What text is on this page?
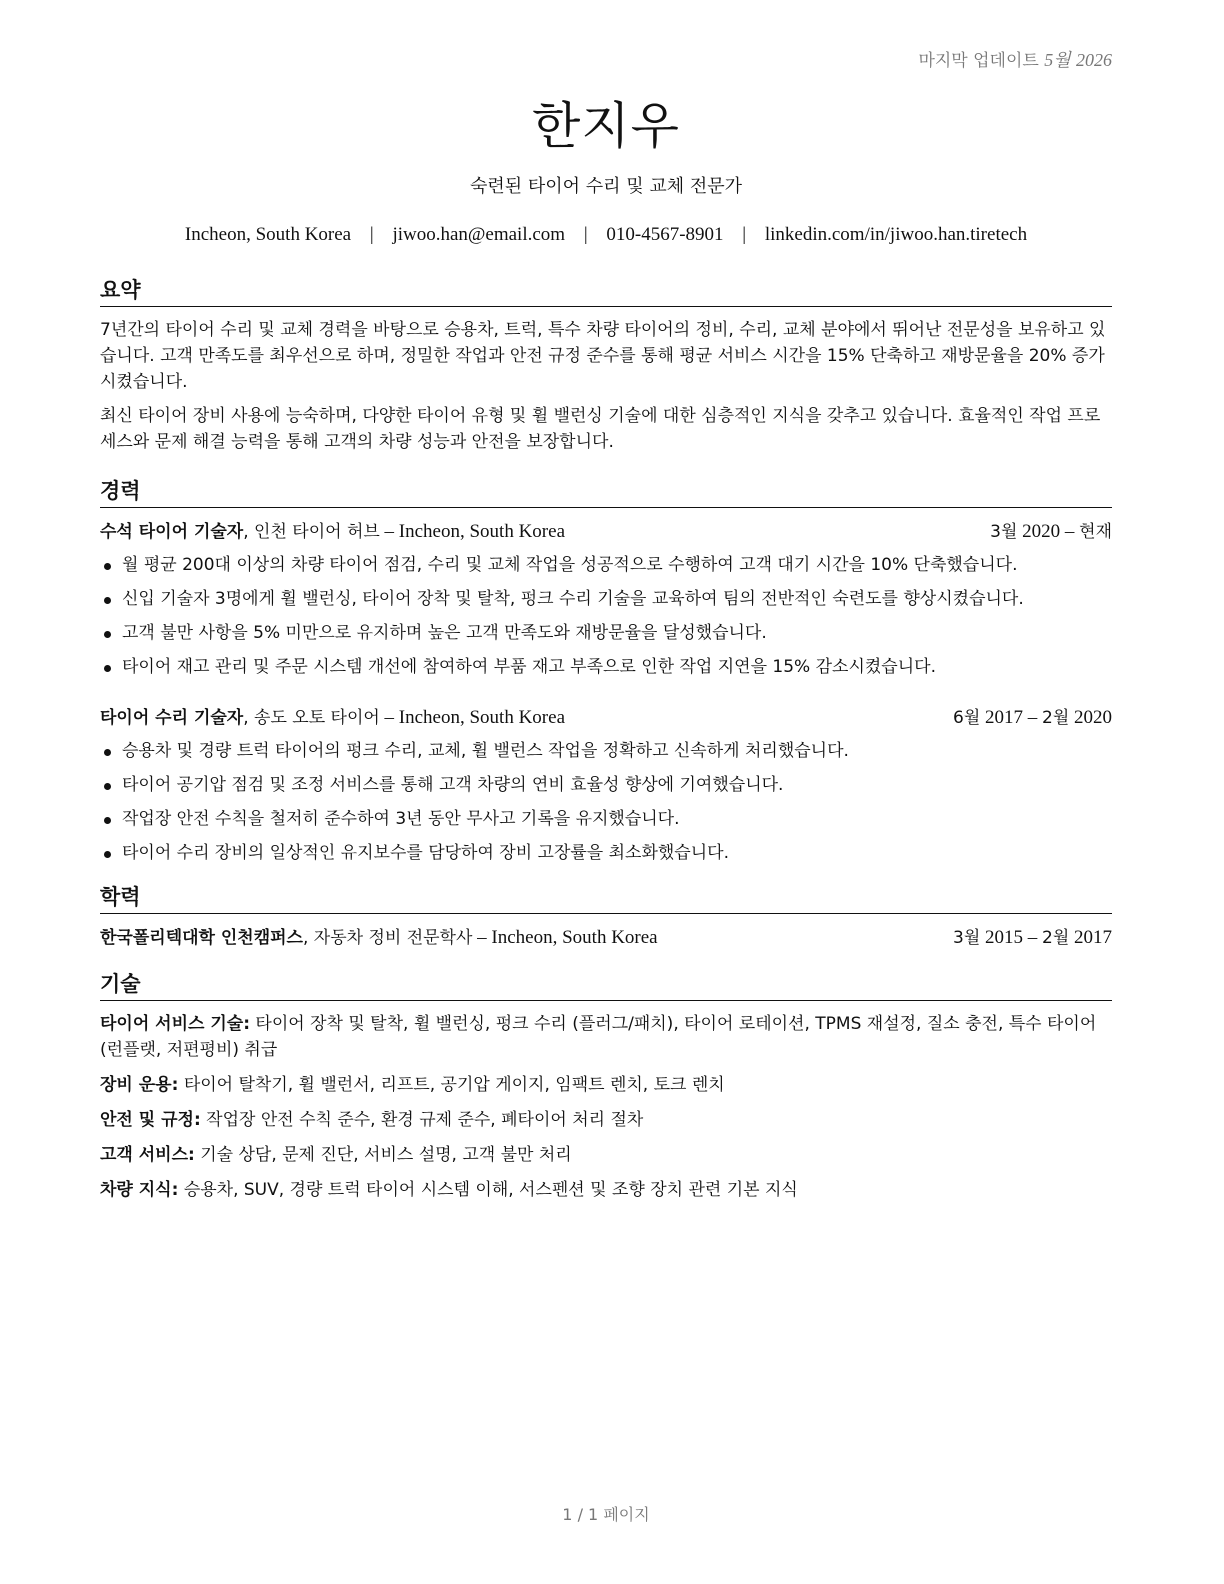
마지막 업데이트 5월 2026
한지우
숙련된 타이어 수리 및 교체 전문가
Incheon, South Korea | jiwoo.han@email.com | 010-4567-8901 | linkedin.com/in/jiwoo.han.tiretech
요약

7년간의 타이어 수리 및 교체 경력을 바탕으로 승용차, 트럭, 특수 차량 타이어의 정비, 수리, 교체 분야에서 뛰어난 전문성을 보유하고 있습니다. 고객 만족도를 최우선으로 하며, 정밀한 작업과 안전 규정 준수를 통해 평균 서비스 시간을 15% 단축하고 재방문율을 20% 증가시켰습니다.

최신 타이어 장비 사용에 능숙하며, 다양한 타이어 유형 및 휠 밸런싱 기술에 대한 심층적인 지식을 갖추고 있습니다. 효율적인 작업 프로세스와 문제 해결 능력을 통해 고객의 차량 성능과 안전을 보장합니다.

경력
수석 타이어 기술자, 인천 타이어 허브 – Incheon, South Korea	3월 2020 – 현재
월 평균 200대 이상의 차량 타이어 점검, 수리 및 교체 작업을 성공적으로 수행하여 고객 대기 시간을 10% 단축했습니다.
신입 기술자 3명에게 휠 밸런싱, 타이어 장착 및 탈착, 펑크 수리 기술을 교육하여 팀의 전반적인 숙련도를 향상시켰습니다.
고객 불만 사항을 5% 미만으로 유지하며 높은 고객 만족도와 재방문율을 달성했습니다.
타이어 재고 관리 및 주문 시스템 개선에 참여하여 부품 재고 부족으로 인한 작업 지연을 15% 감소시켰습니다.
타이어 수리 기술자, 송도 오토 타이어 – Incheon, South Korea	6월 2017 – 2월 2020
승용차 및 경량 트럭 타이어의 펑크 수리, 교체, 휠 밸런스 작업을 정확하고 신속하게 처리했습니다.
타이어 공기압 점검 및 조정 서비스를 통해 고객 차량의 연비 효율성 향상에 기여했습니다.
작업장 안전 수칙을 철저히 준수하여 3년 동안 무사고 기록을 유지했습니다.
타이어 수리 장비의 일상적인 유지보수를 담당하여 장비 고장률을 최소화했습니다.
학력
한국폴리텍대학 인천캠퍼스, 자동차 정비 전문학사 – Incheon, South Korea	3월 2015 – 2월 2017
기술

타이어 서비스 기술: 타이어 장착 및 탈착, 휠 밸런싱, 펑크 수리 (플러그/패치), 타이어 로테이션, TPMS 재설정, 질소 충전, 특수 타이어 (런플랫, 저편평비) 취급

장비 운용: 타이어 탈착기, 휠 밸런서, 리프트, 공기압 게이지, 임팩트 렌치, 토크 렌치

안전 및 규정: 작업장 안전 수칙 준수, 환경 규제 준수, 폐타이어 처리 절차

고객 서비스: 기술 상담, 문제 진단, 서비스 설명, 고객 불만 처리

차량 지식: 승용차, SUV, 경량 트럭 타이어 시스템 이해, 서스펜션 및 조향 장치 관련 기본 지식

1 / 1 페이지
